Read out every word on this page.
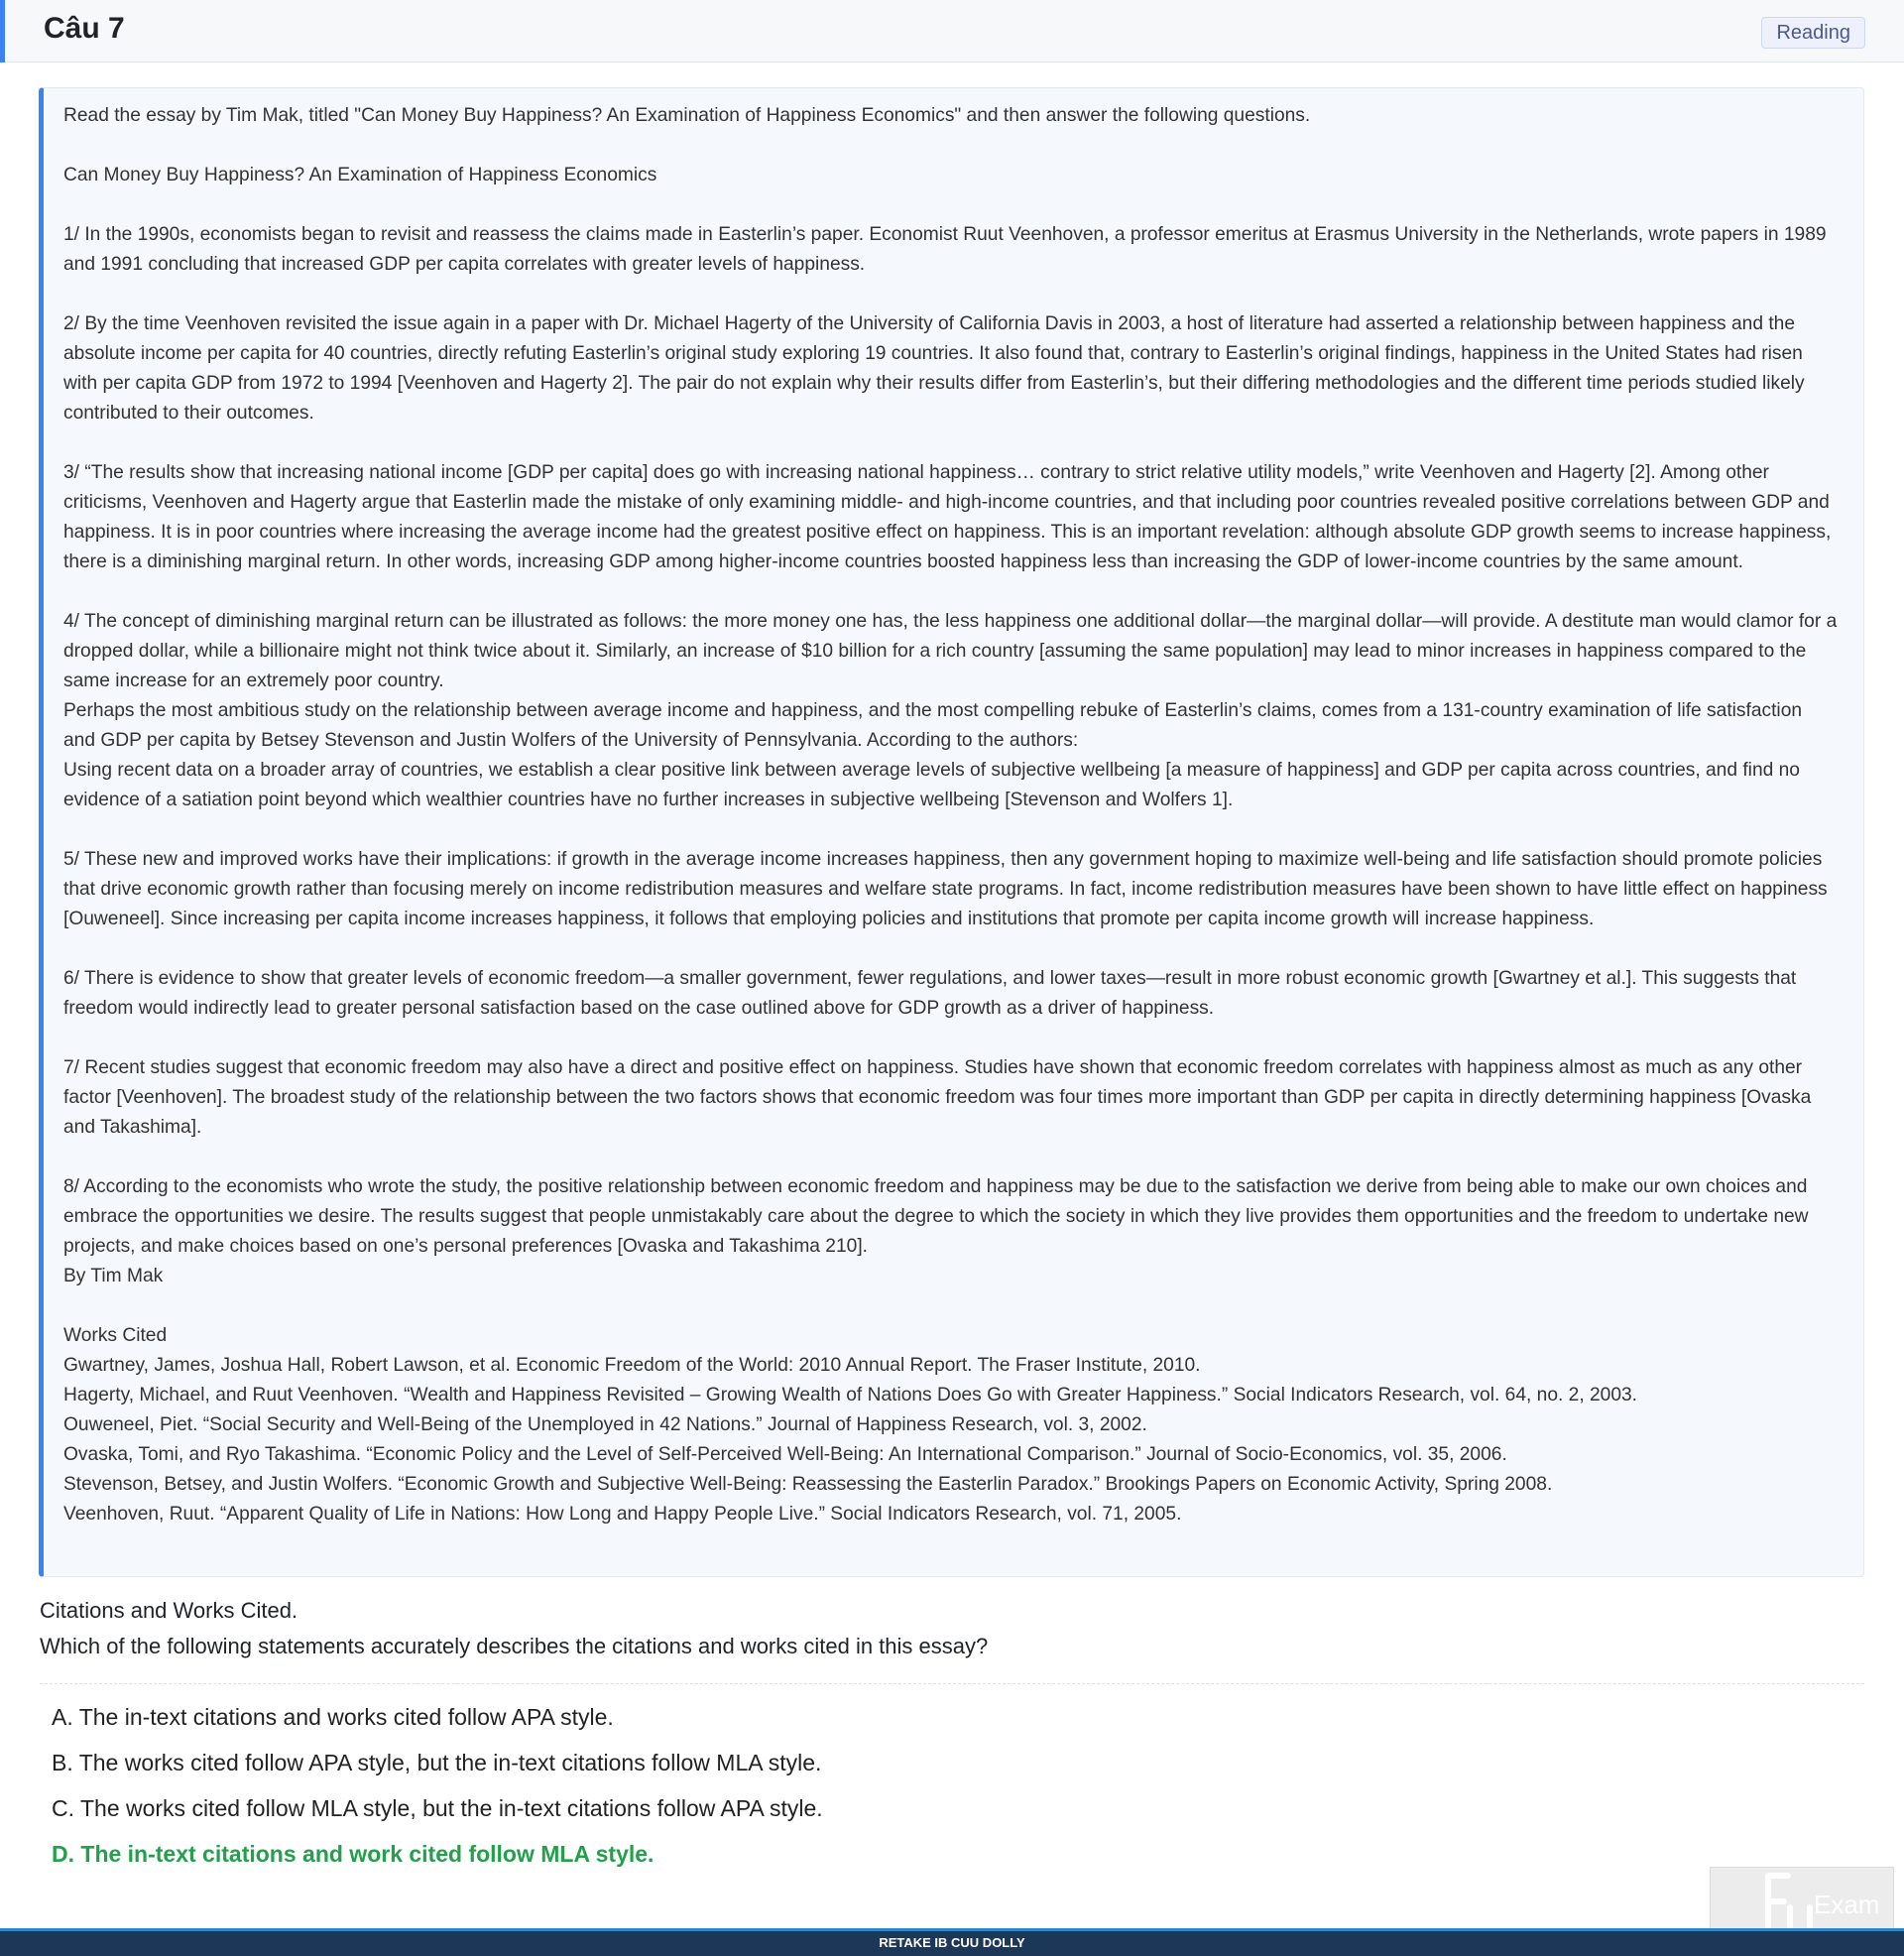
Câu 7	Reading

Read the essay by Tim Mak, titled "Can Money Buy Happiness? An Examination of Happiness Economics" and then answer the following questions.

Can Money Buy Happiness? An Examination of Happiness Economics

1/ In the 1990s, economists began to revisit and reassess the claims made in Easterlin’s paper. Economist Ruut Veenhoven, a professor emeritus at Erasmus University in the Netherlands, wrote papers in 1989 and 1991 concluding that increased GDP per capita correlates with greater levels of happiness.

2/ By the time Veenhoven revisited the issue again in a paper with Dr. Michael Hagerty of the University of California Davis in 2003, a host of literature had asserted a relationship between happiness and the absolute income per capita for 40 countries, directly refuting Easterlin’s original study exploring 19 countries. It also found that, contrary to Easterlin’s original findings, happiness in the United States had risen with per capita GDP from 1972 to 1994 [Veenhoven and Hagerty 2]. The pair do not explain why their results differ from Easterlin’s, but their differing methodologies and the different time periods studied likely contributed to their outcomes.

3/ “The results show that increasing national income [GDP per capita] does go with increasing national happiness… contrary to strict relative utility models,” write Veenhoven and Hagerty [2]. Among other criticisms, Veenhoven and Hagerty argue that Easterlin made the mistake of only examining middle- and high-income countries, and that including poor countries revealed positive correlations between GDP and happiness. It is in poor countries where increasing the average income had the greatest positive effect on happiness. This is an important revelation: although absolute GDP growth seems to increase happiness, there is a diminishing marginal return. In other words, increasing GDP among higher-income countries boosted happiness less than increasing the GDP of lower-income countries by the same amount.

4/ The concept of diminishing marginal return can be illustrated as follows: the more money one has, the less happiness one additional dollar—the marginal dollar—will provide. A destitute man would clamor for a dropped dollar, while a billionaire might not think twice about it. Similarly, an increase of $10 billion for a rich country [assuming the same population] may lead to minor increases in happiness compared to the same increase for an extremely poor country.

Perhaps the most ambitious study on the relationship between average income and happiness, and the most compelling rebuke of Easterlin’s claims, comes from a 131-country examination of life satisfaction and GDP per capita by Betsey Stevenson and Justin Wolfers of the University of Pennsylvania. According to the authors:

Using recent data on a broader array of countries, we establish a clear positive link between average levels of subjective wellbeing [a measure of happiness] and GDP per capita across countries, and find no evidence of a satiation point beyond which wealthier countries have no further increases in subjective wellbeing [Stevenson and Wolfers 1].

5/ These new and improved works have their implications: if growth in the average income increases happiness, then any government hoping to maximize well-being and life satisfaction should promote policies that drive economic growth rather than focusing merely on income redistribution measures and welfare state programs. In fact, income redistribution measures have been shown to have little effect on happiness [Ouweneel]. Since increasing per capita income increases happiness, it follows that employing policies and institutions that promote per capita income growth will increase happiness.

6/ There is evidence to show that greater levels of economic freedom—a smaller government, fewer regulations, and lower taxes—result in more robust economic growth [Gwartney et al.]. This suggests that freedom would indirectly lead to greater personal satisfaction based on the case outlined above for GDP growth as a driver of happiness.

7/ Recent studies suggest that economic freedom may also have a direct and positive effect on happiness. Studies have shown that economic freedom correlates with happiness almost as much as any other factor [Veenhoven]. The broadest study of the relationship between the two factors shows that economic freedom was four times more important than GDP per capita in directly determining happiness [Ovaska and Takashima].

8/ According to the economists who wrote the study, the positive relationship between economic freedom and happiness may be due to the satisfaction we derive from being able to make our own choices and embrace the opportunities we desire. The results suggest that people unmistakably care about the degree to which the society in which they live provides them opportunities and the freedom to undertake new projects, and make choices based on one’s personal preferences [Ovaska and Takashima 210].

By Tim Mak

Works Cited
Gwartney, James, Joshua Hall, Robert Lawson, et al. Economic Freedom of the World: 2010 Annual Report. The Fraser Institute, 2010.
Hagerty, Michael, and Ruut Veenhoven. “Wealth and Happiness Revisited – Growing Wealth of Nations Does Go with Greater Happiness.” Social Indicators Research, vol. 64, no. 2, 2003.
Ouweneel, Piet. “Social Security and Well-Being of the Unemployed in 42 Nations.” Journal of Happiness Research, vol. 3, 2002.
Ovaska, Tomi, and Ryo Takashima. “Economic Policy and the Level of Self-Perceived Well-Being: An International Comparison.” Journal of Socio-Economics, vol. 35, 2006.
Stevenson, Betsey, and Justin Wolfers. “Economic Growth and Subjective Well-Being: Reassessing the Easterlin Paradox.” Brookings Papers on Economic Activity, Spring 2008.
Veenhoven, Ruut. “Apparent Quality of Life in Nations: How Long and Happy People Live.” Social Indicators Research, vol. 71, 2005.
Citations and Works Cited.
Which of the following statements accurately describes the citations and works cited in this essay?
A. The in-text citations and works cited follow APA style.
B. The works cited follow APA style, but the in-text citations follow MLA style.
C. The works cited follow MLA style, but the in-text citations follow APA style.
D. The in-text citations and work cited follow MLA style.
Exam
RETAKE IB CUU DOLLY
